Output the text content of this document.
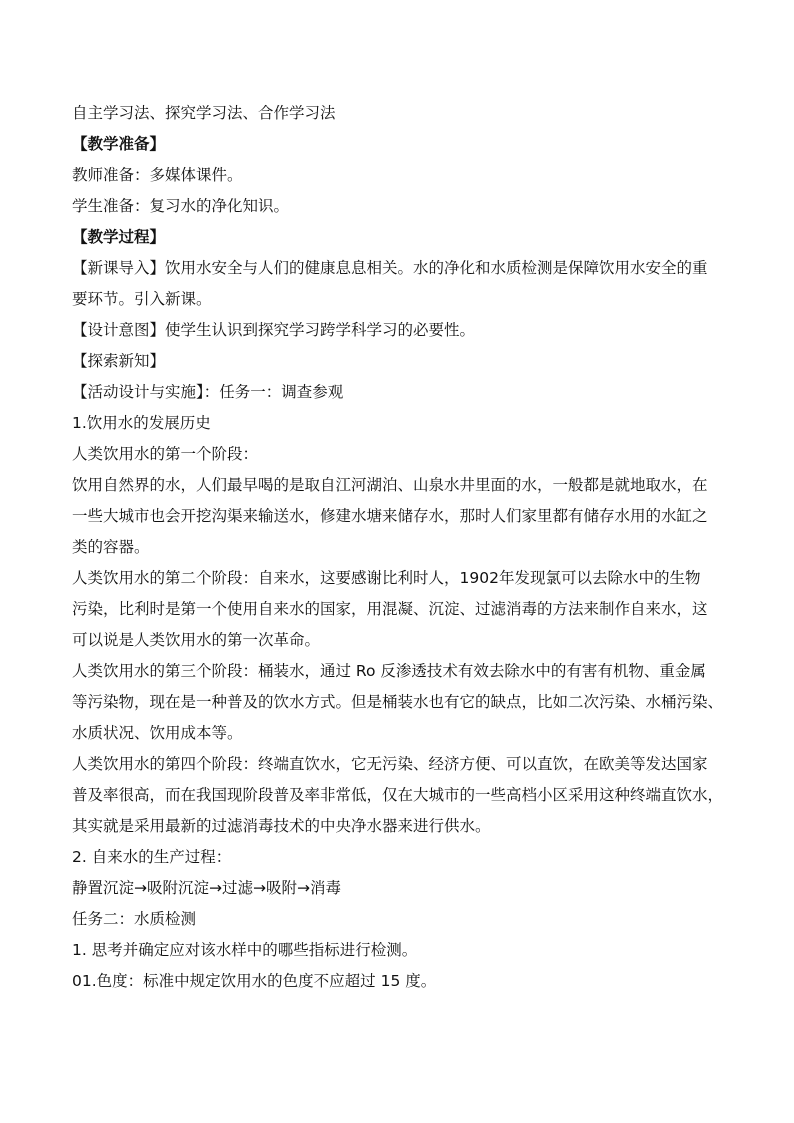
自主学习法、探究学习法、合作学习法
【教学准备】
教师准备：多媒体课件。
学生准备：复习水的净化知识。
【教学过程】
【新课导入】饮用水安全与人们的健康息息相关。水的净化和水质检测是保障饮用水安全的重
要环节。引入新课。
【设计意图】使学生认识到探究学习跨学科学习的必要性。
【探索新知】
【活动设计与实施】：任务一：调查参观
1.饮用水的发展历史
人类饮用水的第一个阶段：
饮用自然界的水，人们最早喝的是取自江河湖泊、山泉水井里面的水，一般都是就地取水，在
一些大城市也会开挖沟渠来输送水，修建水塘来储存水，那时人们家里都有储存水用的水缸之
类的容器。
人类饮用水的第二个阶段：自来水，这要感谢比利时人，1902年发现氯可以去除水中的生物
污染，比利时是第一个使用自来水的国家，用混凝、沉淀、过滤消毒的方法来制作自来水，这
可以说是人类饮用水的第一次革命。
人类饮用水的第三个阶段：桶装水，通过 Ro 反渗透技术有效去除水中的有害有机物、重金属
等污染物，现在是一种普及的饮水方式。但是桶装水也有它的缺点，比如二次污染、水桶污染、
水质状况、饮用成本等。
人类饮用水的第四个阶段：终端直饮水，它无污染、经济方便、可以直饮，在欧美等发达国家
普及率很高，而在我国现阶段普及率非常低，仅在大城市的一些高档小区采用这种终端直饮水，
其实就是采用最新的过滤消毒技术的中央净水器来进行供水。
2. 自来水的生产过程：
静置沉淀→吸附沉淀→过滤→吸附→消毒
任务二：水质检测
1. 思考并确定应对该水样中的哪些指标进行检测。
01.色度：标准中规定饮用水的色度不应超过 15 度。
